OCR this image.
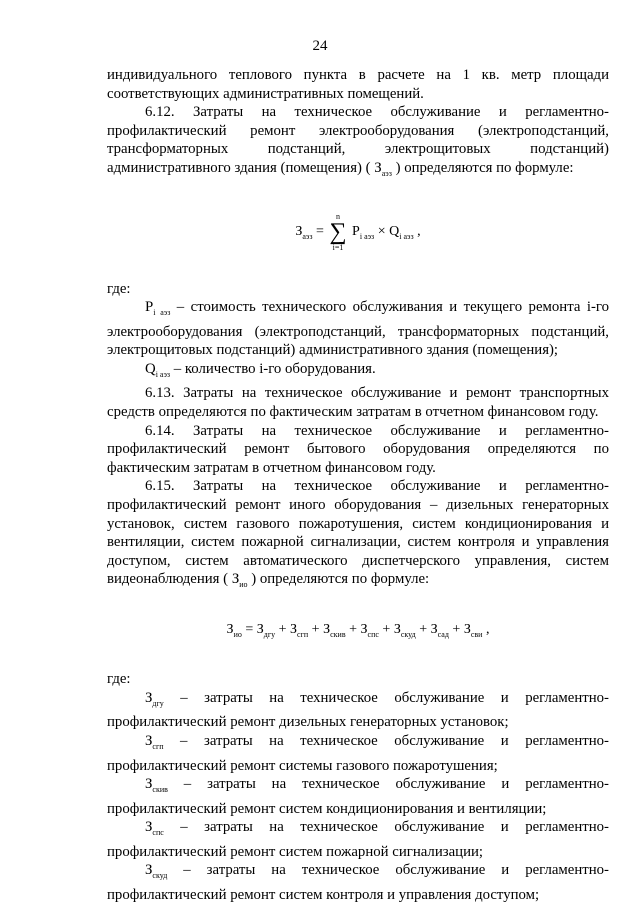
24

индивидуального теплового пункта в расчете на 1 кв. метр площади соответствующих административных помещений.

6.12. Затраты на техническое обслуживание и регламентно-профилактический ремонт электрооборудования (электроподстанций, трансформаторных подстанций, электрощитовых подстанций) административного здания (помещения) ( $З_{аэз}$ ) определяются по формуле:

$З_{аэз}$ =
n
∑
i=1
$P_{i аэз} \times Q_{i аэз}$ ,

где:

$P_{i аэз}$ – стоимость технического обслуживания и текущего ремонта i-го электрооборудования (электроподстанций, трансформаторных подстанций, электрощитовых подстанций) административного здания (помещения);

$Q_{i аэз}$ – количество i-го оборудования.

6.13. Затраты на техническое обслуживание и ремонт транспортных средств определяются по фактическим затратам в отчетном финансовом году.

6.14. Затраты на техническое обслуживание и регламентно-профилактический ремонт бытового оборудования определяются по фактическим затратам в отчетном финансовом году.

6.15. Затраты на техническое обслуживание и регламентно-профилактический ремонт иного оборудования – дизельных генераторных установок, систем газового пожаротушения, систем кондиционирования и вентиляции, систем пожарной сигнализации, систем контроля и управления доступом, систем автоматического диспетчерского управления, систем видеонаблюдения ( $З_{ио}$ ) определяются по формуле:

$З_{ио} = З_{дгу} + З_{сгп} + З_{скив} + З_{спс} + З_{скуд} + З_{сад} + З_{сви}$ ,

где:

$З_{дгу}$ – затраты на техническое обслуживание и регламентно-профилактический ремонт дизельных генераторных установок;

$З_{сгп}$ – затраты на техническое обслуживание и регламентно-профилактический ремонт системы газового пожаротушения;

$З_{скив}$ – затраты на техническое обслуживание и регламентно-профилактический ремонт систем кондиционирования и вентиляции;

$З_{спс}$ – затраты на техническое обслуживание и регламентно-профилактический ремонт систем пожарной сигнализации;

$З_{скуд}$ – затраты на техническое обслуживание и регламентно-профилактический ремонт систем контроля и управления доступом;
